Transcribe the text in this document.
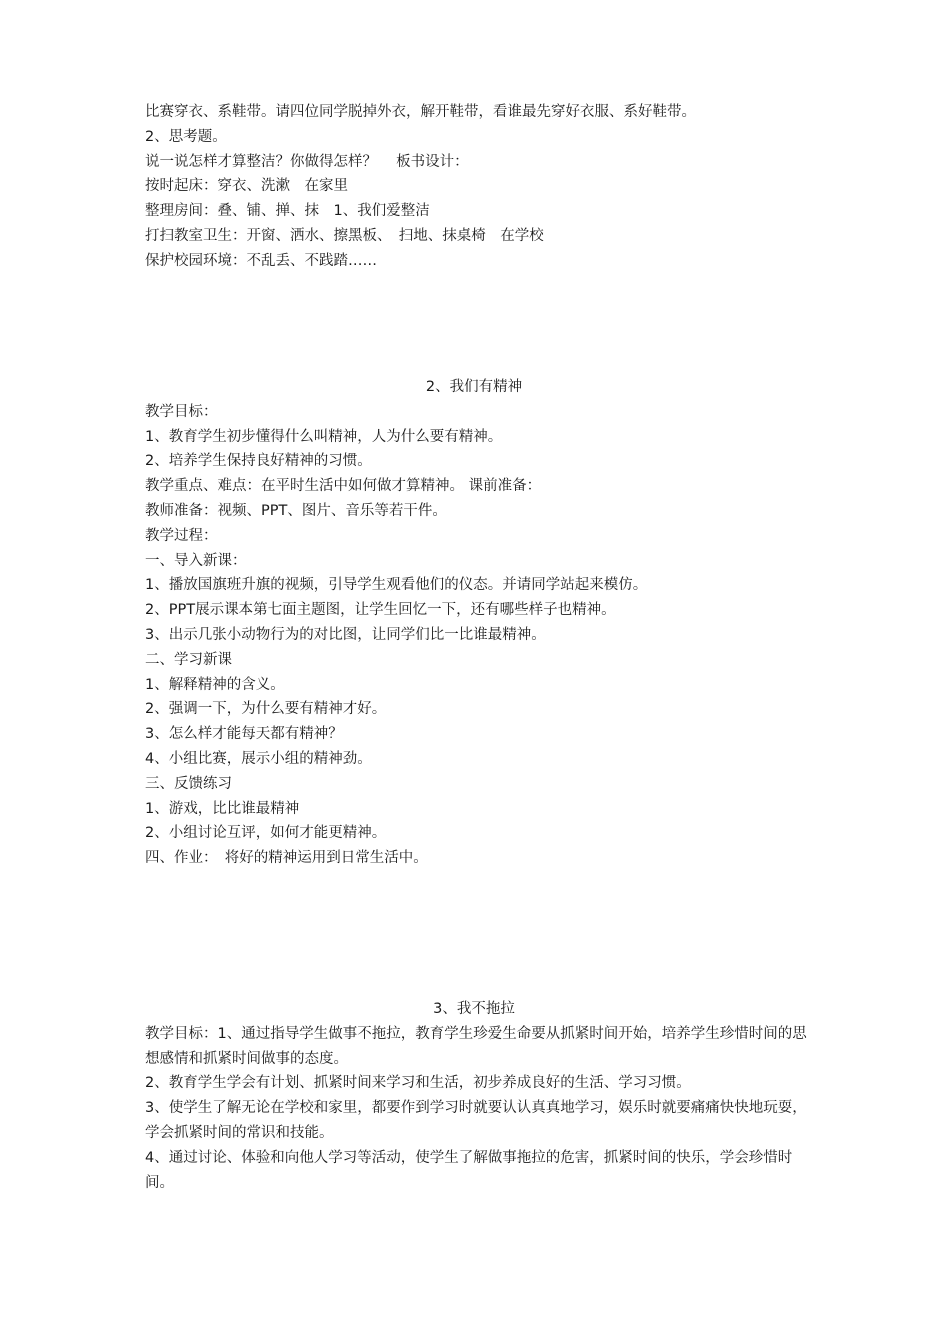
比赛穿衣、系鞋带。请四位同学脱掉外衣，解开鞋带，看谁最先穿好衣服、系好鞋带。
2、思考题。
说一说怎样才算整洁？你做得怎样？　 板书设计：
按时起床：穿衣、洗漱　在家里
整理房间：叠、铺、掸、抹　1、我们爱整洁
打扫教室卫生：开窗、洒水、擦黑板、　扫地、抹桌椅　在学校
保护校园环境：不乱丢、不践踏……
2、我们有精神
教学目标：
1、教育学生初步懂得什么叫精神，人为什么要有精神。
2、培养学生保持良好精神的习惯。
教学重点、难点：在平时生活中如何做才算精神。 课前准备：
教师准备：视频、PPT、图片、音乐等若干件。
教学过程：
一、导入新课：
1、播放国旗班升旗的视频，引导学生观看他们的仪态。并请同学站起来模仿。
2、PPT展示课本第七面主题图，让学生回忆一下，还有哪些样子也精神。
3、出示几张小动物行为的对比图，让同学们比一比谁最精神。
二、学习新课
1、解释精神的含义。
2、强调一下，为什么要有精神才好。
3、怎么样才能每天都有精神？
4、小组比赛，展示小组的精神劲。
三、反馈练习
1、游戏，比比谁最精神
2、小组讨论互评，如何才能更精神。
四、作业：　将好的精神运用到日常生活中。
3、我不拖拉
教学目标：1、通过指导学生做事不拖拉，教育学生珍爱生命要从抓紧时间开始，培养学生珍惜时间的思想感情和抓紧时间做事的态度。
2、教育学生学会有计划、抓紧时间来学习和生活，初步养成良好的生活、学习习惯。
3、使学生了解无论在学校和家里，都要作到学习时就要认认真真地学习，娱乐时就要痛痛快快地玩耍，学会抓紧时间的常识和技能。
4、通过讨论、体验和向他人学习等活动，使学生了解做事拖拉的危害，抓紧时间的快乐，学会珍惜时间。
